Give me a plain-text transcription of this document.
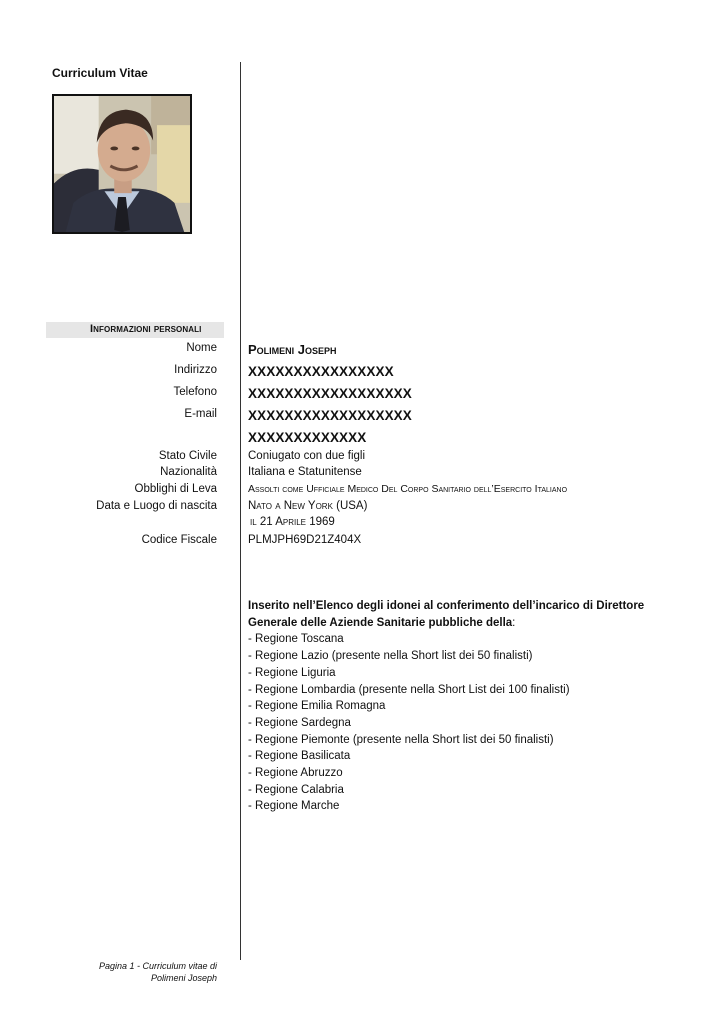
Curriculum Vitae
Informazioni personali
Nome
Indirizzo
Telefono
E-mail
Stato Civile
Nazionalità
Obblighi di Leva
Data e Luogo di nascita
Codice Fiscale
Polimeni Joseph
XXXXXXXXXXXXXXXX
XXXXXXXXXXXXXXXXXX
XXXXXXXXXXXXXXXXXX
XXXXXXXXXXXXX
Coniugato con due figli
Italiana e Statunitense
Assolti come Ufficiale Medico Del Corpo Sanitario dell’Esercito Italiano
Nato a New York (USA)
il 21 Aprile 1969
PLMJPH69D21Z404X

Inserito nell’Elenco degli idonei al conferimento dell’incarico di Direttore Generale delle Aziende Sanitarie pubbliche della:

- Regione Toscana
- Regione Lazio (presente nella Short list dei 50 finalisti)
- Regione Liguria
- Regione Lombardia (presente nella Short List dei 100 finalisti)
- Regione Emilia Romagna
- Regione Sardegna
- Regione Piemonte (presente nella Short list dei 50 finalisti)
- Regione Basilicata
- Regione Abruzzo
- Regione Calabria
- Regione Marche
Pagina 1 - Curriculum vitae di
Polimeni Joseph
